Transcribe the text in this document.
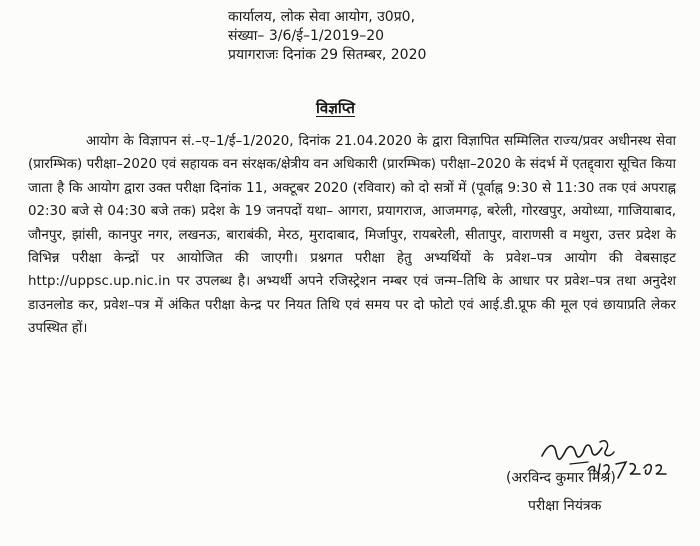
कार्यालय, लोक सेवा आयोग, उ0प्र0,
संख्या– 3/6/ई–1/2019–20
प्रयागराजः दिनांक 29 सितम्बर, 2020
विज्ञप्ति
आयोग के विज्ञापन सं.–ए–1/ई–1/2020, दिनांक 21.04.2020 के द्वारा विज्ञापित सम्मिलित राज्य/प्रवर अधीनस्थ सेवा (प्रारम्भिक) परीक्षा–2020 एवं सहायक वन संरक्षक/क्षेत्रीय वन अधिकारी (प्रारम्भिक) परीक्षा–2020 के संदर्भ में एतद्द्वारा सूचित किया जाता है कि आयोग द्वारा उक्त परीक्षा दिनांक 11, अक्टूबर 2020 (रविवार) को दो सत्रों में (पूर्वाह्न 9:30 से 11:30 तक एवं अपराह्न 02:30 बजे से 04:30 बजे तक) प्रदेश के 19 जनपदों यथा– आगरा, प्रयागराज, आजमगढ़, बरेली, गोरखपुर, अयोध्या, गाजियाबाद, जौनपुर, झांसी, कानपुर नगर, लखनऊ, बाराबंकी, मेरठ, मुरादाबाद, मिर्जापुर, रायबरेली, सीतापुर, वाराणसी व मथुरा, उत्तर प्रदेश के विभिन्न परीक्षा केन्द्रों पर आयोजित की जाएगी। प्रश्नगत परीक्षा हेतु अभ्यर्थियों के प्रवेश–पत्र आयोग की वेबसाइट http://uppsc.up.nic.in पर उपलब्ध है। अभ्यर्थी अपने रजिस्ट्रेशन नम्बर एवं जन्म–तिथि के आधार पर प्रवेश–पत्र तथा अनुदेश डाउनलोड कर, प्रवेश–पत्र में अंकित परीक्षा केन्द्र पर नियत तिथि एवं समय पर दो फोटो एवं आई.डी.प्रूफ की मूल एवं छायाप्रति लेकर उपस्थित हों।
(अरविन्द कुमार मिश्र)
परीक्षा नियंत्रक
